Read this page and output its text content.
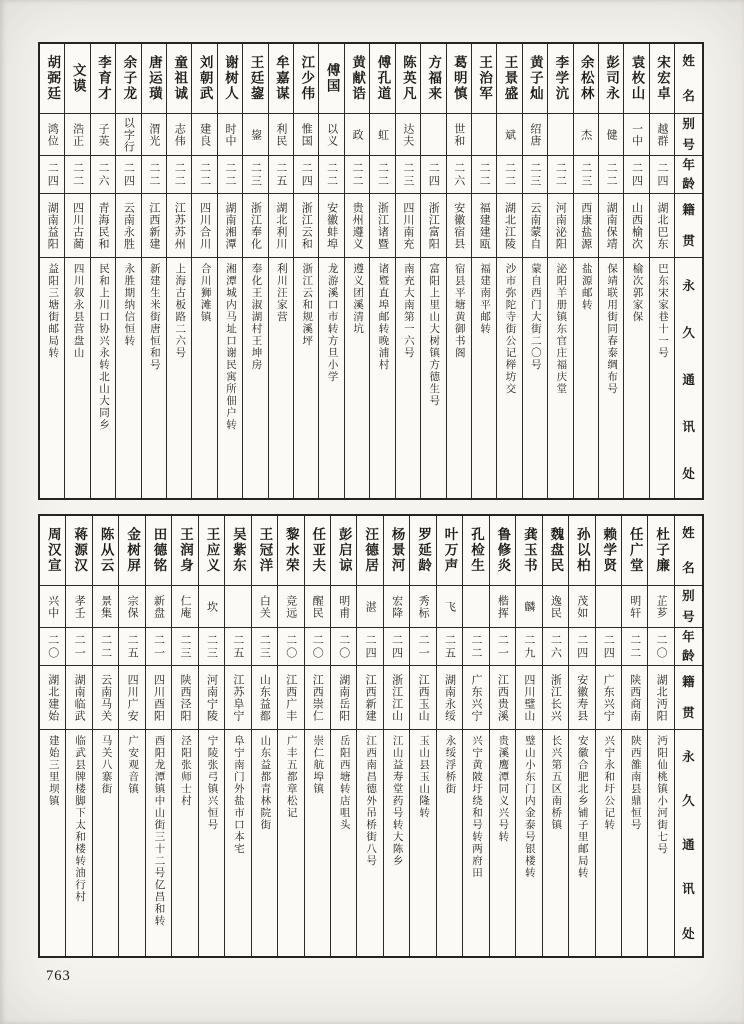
胡弼廷
鸿位
二四
湖南益阳
益阳三塘街邮局转
文谟
浩正
二二
四川古蔺
四川叙永县营盘山
李育才
子英
二六
青海民和
民和上川口协兴永转北山大同乡
余子龙
以字行
二四
云南永胜
永胜期纳信恒转
唐运璜
渭光
二二
江西新建
新建生米街唐恒和号
童祖诚
志伟
二二
江苏苏州
上海古板路二六号
刘朝武
建良
二二
四川合川
合川狮滩镇
谢树人
时中
二二
湖南湘潭
湘潭城内马址口谢民寓所佃户转
王廷鋆
鋆
二三
浙江奉化
奉化王淑湖村王坤房
牟嘉谋
利民
二五
湖北利川
利川汪家营
江少伟
惟国
二四
浙江云和
浙江云和规溪坪
傅国
以义
二二
安徽蚌埠
龙游溪口市转方旦小学
黄献诰
政
二二
贵州遵义
遵义团溪清坑
傅孔道
虹
二二
浙江诸暨
诸暨直埠邮转晚浦村
陈英凡
达夫
二三
四川南充
南充大南第一六号
方福来
二四
浙江富阳
富阳上里山大树镇方德生号
葛明慎
世和
二六
安徽宿县
宿县平塘黄御书阁
王治军
二二
福建建瓯
福建南平邮转
王景盛
斌
二二
湖北江陵
沙市弥陀寺街公记榉坊交
黄子灿
绍唐
二三
云南蒙自
蒙自西门大街二〇号
李学沆
二二
河南泌阳
泌阳羊册镇东官庄福庆堂
余松林
杰
二三
西康盐源
盐源邮转
彭司永
健
二二
湖南保靖
保靖联用街同春泰绸布号
袁枚山
一中
二四
山西榆次
榆次郭家保
宋宏卓
越群
二四
湖北巴东
巴东宋家巷十一号
姓
名
别
号
年
龄
籍
贯
永
久
通
讯
处
周汉宣
兴中
二〇
湖北建始
建始三里坝镇
蒋源汉
孝壬
二一
湖南临武
临武县牌楼脚下太和楼转油行村
陈从云
景集
二二
云南马关
马关八寨街
金树屏
宗保
二五
四川广安
广安观音镇
田德铭
新盘
二一
四川酉阳
酉阳龙潭镇中山街三十二号亿昌和转
王润身
仁庵
二三
陕西泾阳
泾阳张师士村
王应义
坎
二三
河南宁陵
宁陵张弓镇兴恒号
吴紫东
二五
江苏阜宁
阜宁南门外盐市口本宅
王冠洋
白关
二三
山东益都
山东益都青林院街
黎水荣
竞远
二〇
江西广丰
广丰五都章松记
任亚夫
醒民
二〇
江西崇仁
崇仁航埠镇
彭启谅
明甫
二〇
湖南岳阳
岳阳西塘转店咀头
汪德居
湛
二四
江西新建
江西南昌德外吊桥街八号
杨景河
宏降
二四
浙江江山
江山益寿堂药号转大陈乡
罗延龄
秀标
二一
江西玉山
玉山县玉山隆转
叶万声
飞
二五
湖南永绥
永绥浮桥街
孔检生
二二
广东兴宁
兴宁黄陂圩绕和号转两府田
鲁修炎
楷挥
二一
江西贵溪
贵溪鹰潭同义兴号转
龚玉书
麟
二九
四川璧山
璧山小东门内金泰号银楼转
魏盘民
逸民
二六
浙江长兴
长兴第五区南桥镇
孙以柏
茂如
二四
安徽寿县
安徽合肥北乡铺子里邮局转
赖学贤
二四
广东兴宁
兴宁永和圩公记转
任广堂
明轩
二二
陕西商南
陕西雒南县鼎恒号
杜子廉
芷芗
二〇
湖北沔阳
沔阳仙桃镇小河街七号
姓
名
别
号
年
龄
籍
贯
永
久
通
讯
处
763
